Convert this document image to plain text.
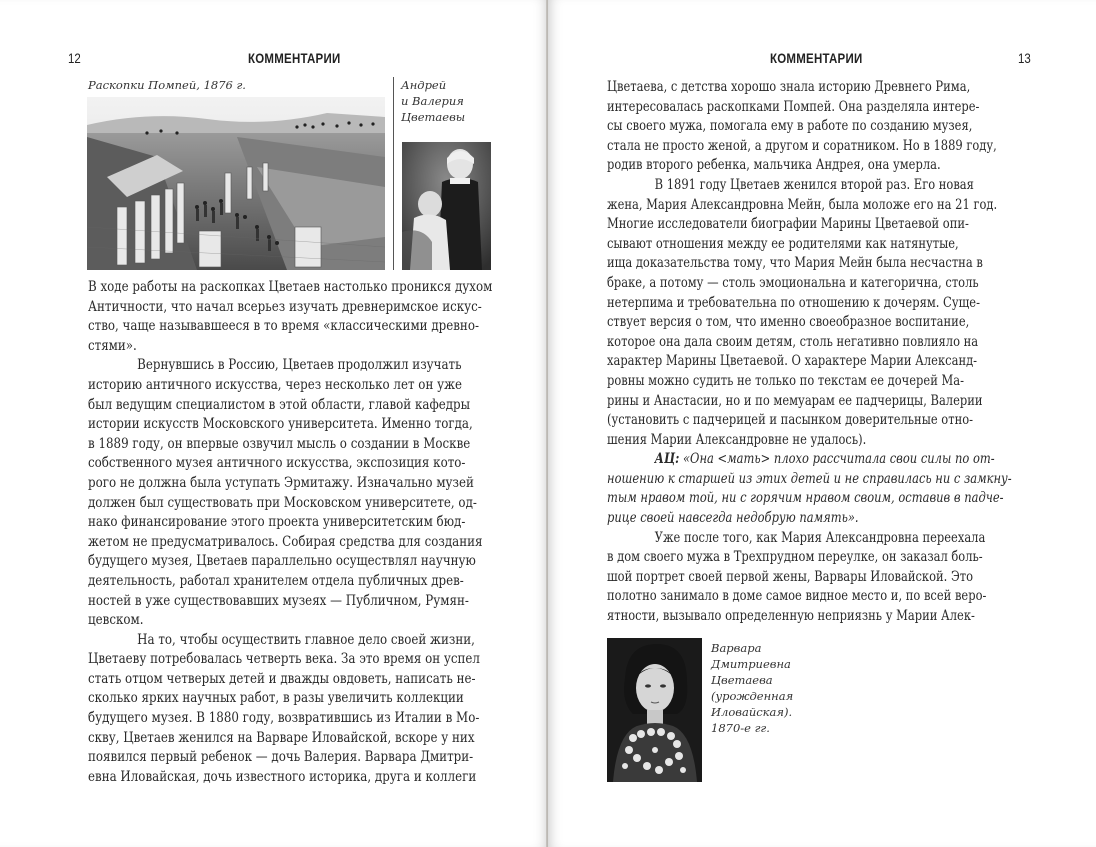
12	КОММЕНТАРИИ
Раскопки Помпей, 1876 г.	Андрей
и Валерия
Цветаевы
В ходе работы на раскопках Цветаев настолько проникся духом
Античности, что начал всерьез изучать древнеримское искус-
ство, чаще называвшееся в то время «классическими древно-
стями».
Вернувшись в Россию, Цветаев продолжил изучать
историю античного искусства, через несколько лет он уже
был ведущим специалистом в этой области, главой кафедры
истории искусств Московского университета. Именно тогда,
в 1889 году, он впервые озвучил мысль о создании в Москве
собственного музея античного искусства, экспозиция кото-
рого не должна была уступать Эрмитажу. Изначально музей
должен был существовать при Московском университете, од-
нако финансирование этого проекта университетским бюд-
жетом не предусматривалось. Собирая средства для создания
будущего музея, Цветаев параллельно осуществлял научную
деятельность, работал хранителем отдела публичных древ-
ностей в уже существовавших музеях — Публичном, Румян-
цевском.
На то, чтобы осуществить главное дело своей жизни,
Цветаеву потребовалась четверть века. За это время он успел
стать отцом четверых детей и дважды овдоветь, написать не-
сколько ярких научных работ, в разы увеличить коллекции
будущего музея. В 1880 году, возвратившись из Италии в Мо-
скву, Цветаев женился на Варваре Иловайской, вскоре у них
появился первый ребенок — дочь Валерия. Варвара Дмитри-
евна Иловайская, дочь известного историка, друга и коллеги
КОММЕНТАРИИ	13
Цветаева, с детства хорошо знала историю Древнего Рима,
интересовалась раскопками Помпей. Она разделяла интере-
сы своего мужа, помогала ему в работе по созданию музея,
стала не просто женой, а другом и соратником. Но в 1889 году,
родив второго ребенка, мальчика Андрея, она умерла.
В 1891 году Цветаев женился второй раз. Его новая
жена, Мария Александровна Мейн, была моложе его на 21 год.
Многие исследователи биографии Марины Цветаевой опи-
сывают отношения между ее родителями как натянутые,
ища доказательства тому, что Мария Мейн была несчастна в
браке, а потому — столь эмоциональна и категорична, столь
нетерпима и требовательна по отношению к дочерям. Суще-
ствует версия о том, что именно своеобразное воспитание,
которое она дала своим детям, столь негативно повлияло на
характер Марины Цветаевой. О характере Марии Александ-
ровны можно судить не только по текстам ее дочерей Ма-
рины и Анастасии, но и по мемуарам ее падчерицы, Валерии
(установить с падчерицей и пасынком доверительные отно-
шения Марии Александровне не удалось).
АЦ: «Она <мать> плохо рассчитала свои силы по от-
ношению к старшей из этих детей и не справилась ни с замкну-
тым нравом той, ни с горячим нравом своим, оставив в падче-
рице своей навсегда недобрую память».
Уже после того, как Мария Александровна переехала
в дом своего мужа в Трехпрудном переулке, он заказал боль-
шой портрет своей первой жены, Варвары Иловайской. Это
полотно занимало в доме самое видное место и, по всей веро-
ятности, вызывало определенную неприязнь у Марии Алек-
Варвара
Дмитриевна
Цветаева
(урожденная
Иловайская).
1870-е гг.
